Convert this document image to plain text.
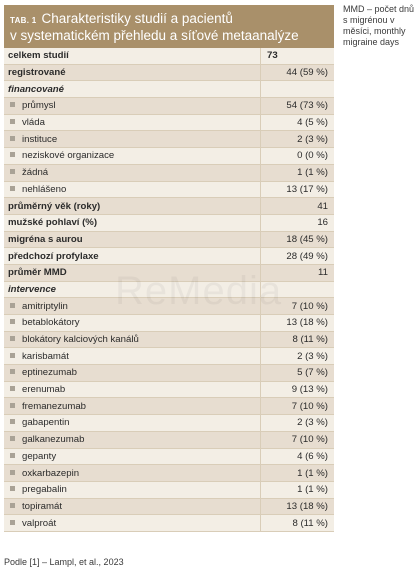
TAB. 1 Charakteristiky studií a pacientů
v systematickém přehledu a síťové metaanalýze
celkem studií	73
registrované	44 (59 %)
financované
průmysl	54 (73 %)
vláda	4 (5 %)
instituce	2 (3 %)
neziskové organizace	0 (0 %)
žádná	1 (1 %)
nehlášeno	13 (17 %)
průměrný věk (roky)	41
mužské pohlaví (%)	16
migréna s aurou	18 (45 %)
předchozí profylaxe	28 (49 %)
průměr MMD	11
intervence
amitriptylin	7 (10 %)
betablokátory	13 (18 %)
blokátory kalciových kanálů	8 (11 %)
karisbamát	2 (3 %)
eptinezumab	5 (7 %)
erenumab	9 (13 %)
fremanezumab	7 (10 %)
gabapentin	2 (3 %)
galkanezumab	7 (10 %)
gepanty	4 (6 %)
oxkarbazepin	1 (1 %)
pregabalin	1 (1 %)
topiramát	13 (18 %)
valproát	8 (11 %)
MMD – počet dnů s migrénou v měsíci, monthly migraine days
Podle [1] – Lampl, et al., 2023
